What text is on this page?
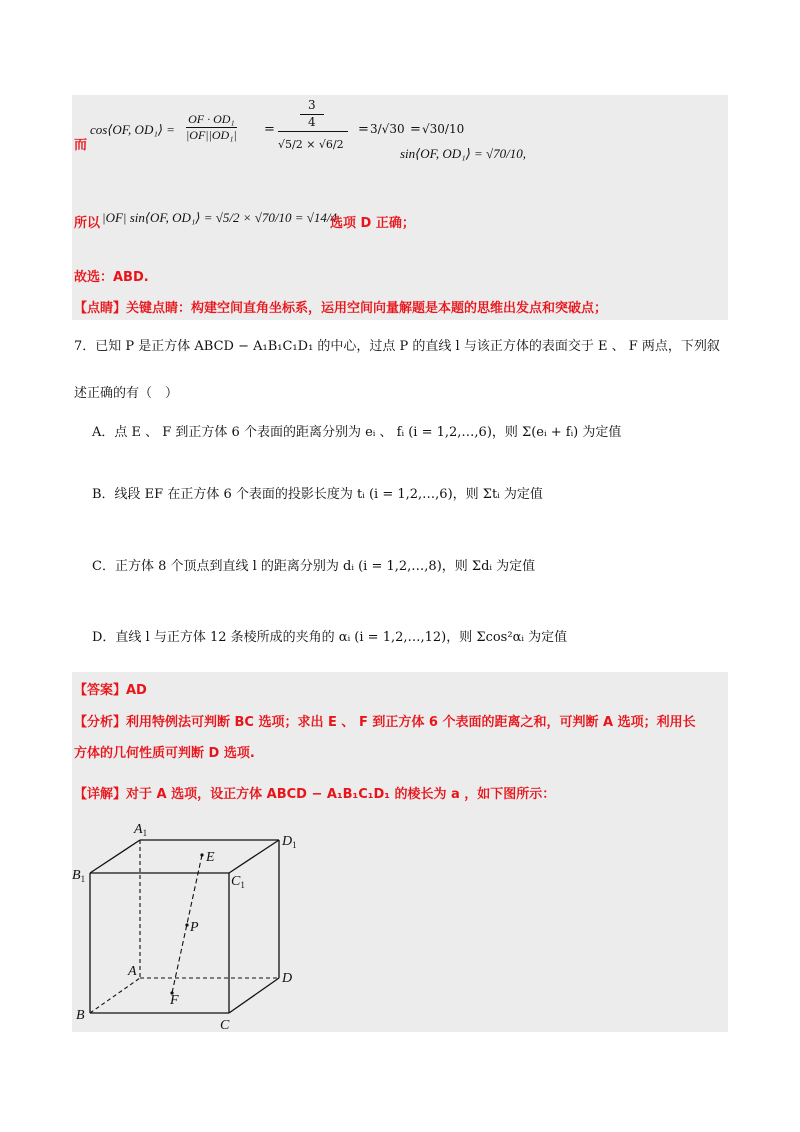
而
cos⟨OF, OD₁⟩ = $\frac{\text{OF · OD₁}}{\text{|OF||OD₁|}}$ =
3
4
√5/2 × √6/2
= 3/√30 = √30/10
sin⟨OF, OD₁⟩ = √70/10,
所以 |OF| sin⟨OF, OD₁⟩ = √5/2 × √70/10 = √14/4,
选项 D 正确；
故选：ABD.
【点睛】关键点睛：构建空间直角坐标系，运用空间向量解题是本题的思维出发点和突破点；
7．已知 P 是正方体 ABCD − A₁B₁C₁D₁ 的中心，过点 P 的直线 l 与该正方体的表面交于 E 、 F 两点，下列叙
述正确的有（　）
A．点 E 、 F 到正方体 6 个表面的距离分别为 eᵢ 、 fᵢ (i = 1,2,…,6)，则 Σ(eᵢ + fᵢ) 为定值
B．线段 EF 在正方体 6 个表面的投影长度为 tᵢ (i = 1,2,…,6)，则 Σtᵢ 为定值
C．正方体 8 个顶点到直线 l 的距离分别为 dᵢ (i = 1,2,…,8)，则 Σdᵢ 为定值
D．直线 l 与正方体 12 条棱所成的夹角的 αᵢ (i = 1,2,…,12)，则 Σcos²αᵢ 为定值
【答案】AD
【分析】利用特例法可判断 BC 选项；求出 E 、 F 到正方体 6 个表面的距离之和，可判断 A 选项；利用长
方体的几何性质可判断 D 选项.
【详解】对于 A 选项，设正方体 ABCD − A₁B₁C₁D₁ 的棱长为 a ，如下图所示：
$A_1$
$D_1$
$B_1$	$C_1$
A	D
B
C
E
P
F
